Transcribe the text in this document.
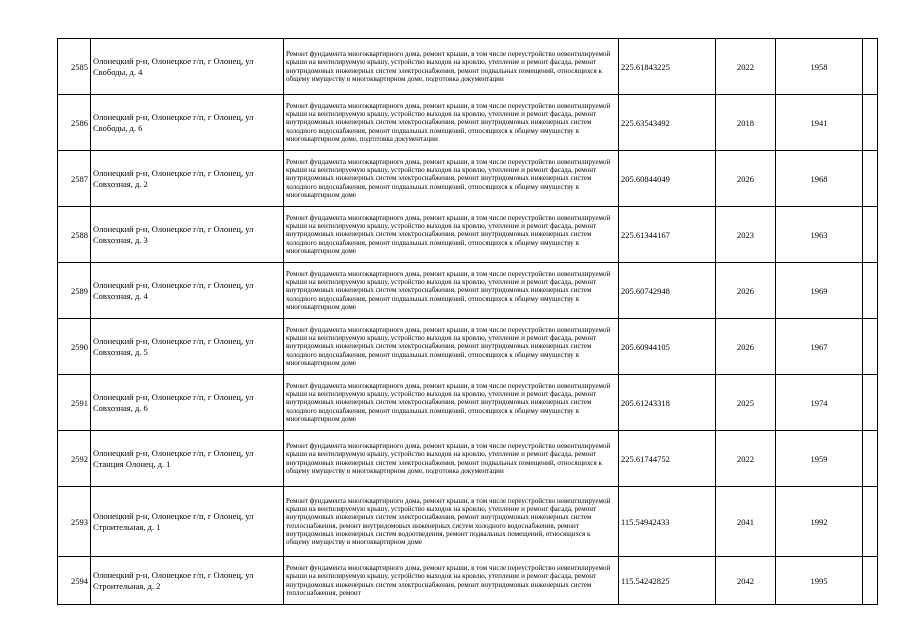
2585	Олонецкий р-н, Олонецкое г/п, г Олонец, ул Свободы, д. 4	Ремонт фундамента многоквартирного дома, ремонт крыши, в том числе переустройство невентилируемой крыши на вентилируемую крышу, устройство выходов на кровлю, утепление и ремонт фасада, ремонт внутридомовых инженерных систем электроснабжения, ремонт подвальных помещений, относящихся к общему имуществу в многоквартирном доме, подготовка документации	225.61843225	2022	1958	
2586	Олонецкий р-н, Олонецкое г/п, г Олонец, ул Свободы, д. 6	Ремонт фундамента многоквартирного дома, ремонт крыши, в том числе переустройство невентилируемой крыши на вентилируемую крышу, устройство выходов на кровлю, утепление и ремонт фасада, ремонт внутридомовых инженерных систем электроснабжения, ремонт внутридомовых инженерных систем холодного водоснабжения, ремонт подвальных помещений, относящихся к общему имуществу в многоквартирном доме, подготовка документации	225.63543492	2018	1941	
2587	Олонецкий р-н, Олонецкое г/п, г Олонец, ул Совхозная, д. 2	Ремонт фундамента многоквартирного дома, ремонт крыши, в том числе переустройство невентилируемой крыши на вентилируемую крышу, устройство выходов на кровлю, утепление и ремонт фасада, ремонт внутридомовых инженерных систем электроснабжения, ремонт внутридомовых инженерных систем холодного водоснабжения, ремонт подвальных помещений, относящихся к общему имуществу в многоквартирном доме	205.60844049	2026	1968	
2588	Олонецкий р-н, Олонецкое г/п, г Олонец, ул Совхозная, д. 3	Ремонт фундамента многоквартирного дома, ремонт крыши, в том числе переустройство невентилируемой крыши на вентилируемую крышу, устройство выходов на кровлю, утепление и ремонт фасада, ремонт внутридомовых инженерных систем электроснабжения, ремонт внутридомовых инженерных систем холодного водоснабжения, ремонт подвальных помещений, относящихся к общему имуществу в многоквартирном доме	225.61344167	2023	1963	
2589	Олонецкий р-н, Олонецкое г/п, г Олонец, ул Совхозная, д. 4	Ремонт фундамента многоквартирного дома, ремонт крыши, в том числе переустройство невентилируемой крыши на вентилируемую крышу, устройство выходов на кровлю, утепление и ремонт фасада, ремонт внутридомовых инженерных систем электроснабжения, ремонт внутридомовых инженерных систем холодного водоснабжения, ремонт подвальных помещений, относящихся к общему имуществу в многоквартирном доме	205.60742948	2026	1969	
2590	Олонецкий р-н, Олонецкое г/п, г Олонец, ул Совхозная, д. 5	Ремонт фундамента многоквартирного дома, ремонт крыши, в том числе переустройство невентилируемой крыши на вентилируемую крышу, устройство выходов на кровлю, утепление и ремонт фасада, ремонт внутридомовых инженерных систем электроснабжения, ремонт внутридомовых инженерных систем холодного водоснабжения, ремонт подвальных помещений, относящихся к общему имуществу в многоквартирном доме	205.60944105	2026	1967	
2591	Олонецкий р-н, Олонецкое г/п, г Олонец, ул Совхозная, д. 6	Ремонт фундамента многоквартирного дома, ремонт крыши, в том числе переустройство невентилируемой крыши на вентилируемую крышу, устройство выходов на кровлю, утепление и ремонт фасада, ремонт внутридомовых инженерных систем электроснабжения, ремонт внутридомовых инженерных систем холодного водоснабжения, ремонт подвальных помещений, относящихся к общему имуществу в многоквартирном доме	205.61243318	2025	1974	
2592	Олонецкий р-н, Олонецкое г/п, г Олонец, ул Станция Олонец, д. 1	Ремонт фундамента многоквартирного дома, ремонт крыши, в том числе переустройство невентилируемой крыши на вентилируемую крышу, устройство выходов на кровлю, утепление и ремонт фасада, ремонт внутридомовых инженерных систем электроснабжения, ремонт подвальных помещений, относящихся к общему имуществу в многоквартирном доме, подготовка документации	225.61744752	2022	1959	
2593	Олонецкий р-н, Олонецкое г/п, г Олонец, ул Строительная, д. 1	Ремонт фундамента многоквартирного дома, ремонт крыши, в том числе переустройство невентилируемой крыши на вентилируемую крышу, устройство выходов на кровлю, утепление и ремонт фасада, ремонт внутридомовых инженерных систем электроснабжения, ремонт внутридомовых инженерных систем теплоснабжения, ремонт внутридомовых инженерных систем холодного водоснабжения, ремонт внутридомовых инженерных систем водоотведения, ремонт подвальных помещений, относящихся к общему имуществу в многоквартирном доме	115.54942433	2041	1992	
2594	Олонецкий р-н, Олонецкое г/п, г Олонец, ул Строительная, д. 2	Ремонт фундамента многоквартирного дома, ремонт крыши, в том числе переустройство невентилируемой крыши на вентилируемую крышу, устройство выходов на кровлю, утепление и ремонт фасада, ремонт внутридомовых инженерных систем электроснабжения, ремонт внутридомовых инженерных систем теплоснабжения, ремонт	115.54242825	2042	1995	
